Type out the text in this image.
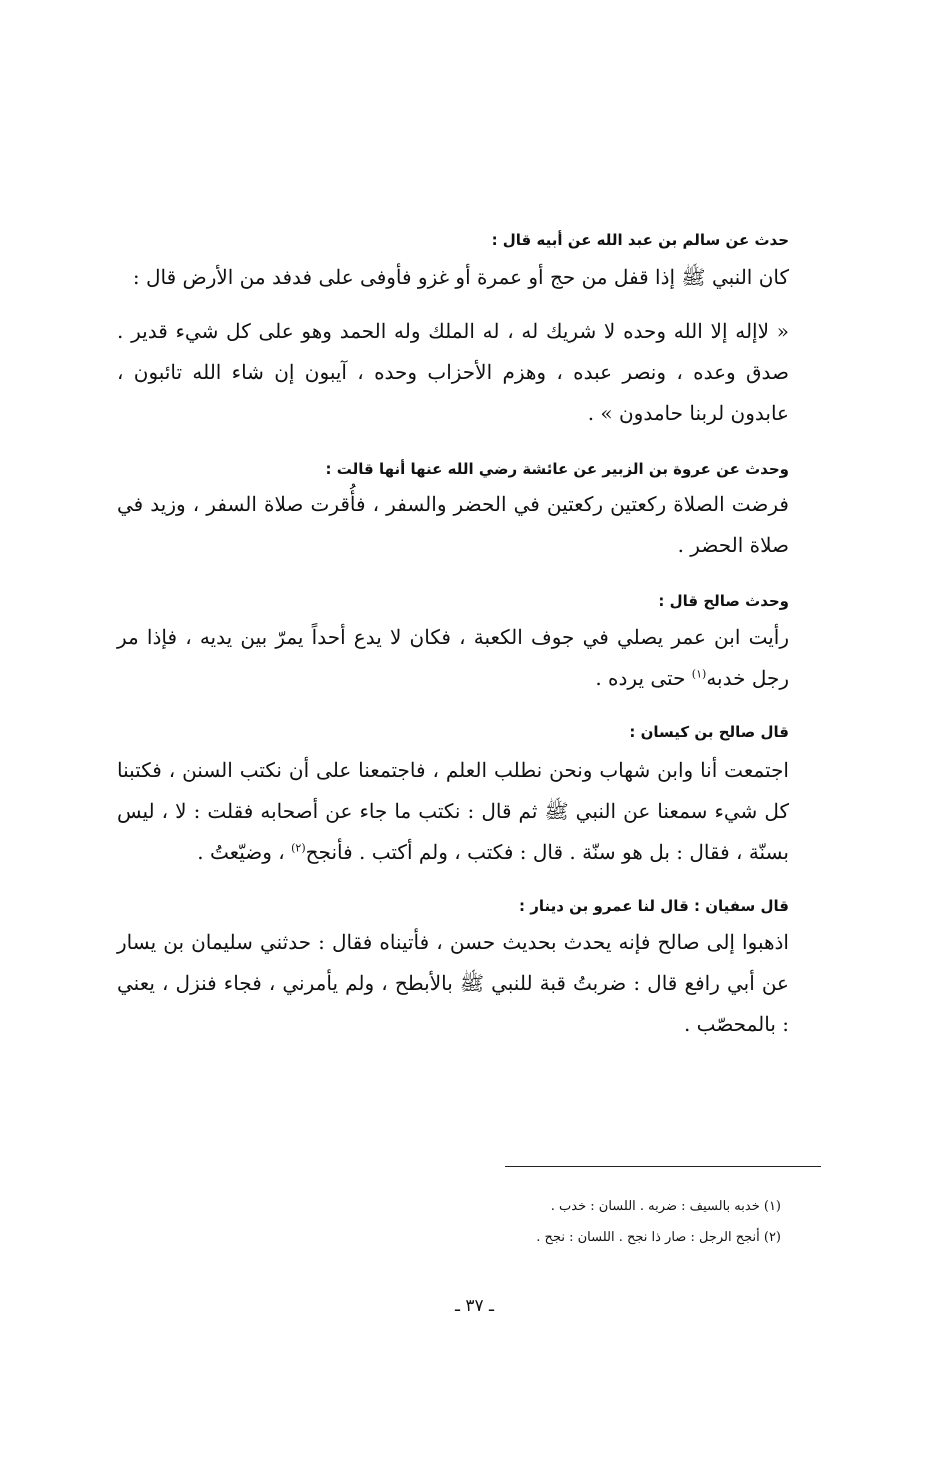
حدث عن سالم بن عبد الله عن أبيه قال :
كان النبي ﷺ إذا قفل من حج أو عمرة أو غزو فأوفى على فدفد من الأرض قال :
« لاإله إلا الله وحده لا شريك له ، له الملك وله الحمد وهو على كل شيء قدير . صدق وعده ، ونصر عبده ، وهزم الأحزاب وحده ، آيبون إن شاء الله تائبون ، عابدون لربنا حامدون » .
وحدث عن عروة بن الزبير عن عائشة رضي الله عنها أنها قالت :
فرضت الصلاة ركعتين ركعتين في الحضر والسفر ، فأُقرت صلاة السفر ، وزيد في صلاة الحضر .
وحدث صالح قال :
رأيت ابن عمر يصلي في جوف الكعبة ، فكان لا يدع أحداً يمرّ بين يديه ، فإذا مر رجل خدبه$^{(١)}$ حتى يرده .
قال صالح بن كيسان :
اجتمعت أنا وابن شهاب ونحن نطلب العلم ، فاجتمعنا على أن نكتب السنن ، فكتبنا كل شيء سمعنا عن النبي ﷺ ثم قال : نكتب ما جاء عن أصحابه فقلت : لا ، ليس بسنّة ، فقال : بل هو سنّة . قال : فكتب ، ولم أكتب . فأنجح$^{(٢)}$ ، وضيّعتُ .
قال سفيان : قال لنا عمرو بن دينار :
اذهبوا إلى صالح فإنه يحدث بحديث حسن ، فأتيناه فقال : حدثني سليمان بن يسار عن أبي رافع قال : ضربتُ قبة للنبي ﷺ بالأبطح ، ولم يأمرني ، فجاء فنزل ، يعني : بالمحصّب .
(١) خدبه بالسيف : ضربه . اللسان : خدب .
(٢) أنجح الرجل : صار ذا نجح . اللسان : نجح .
ـ ٣٧ ـ
